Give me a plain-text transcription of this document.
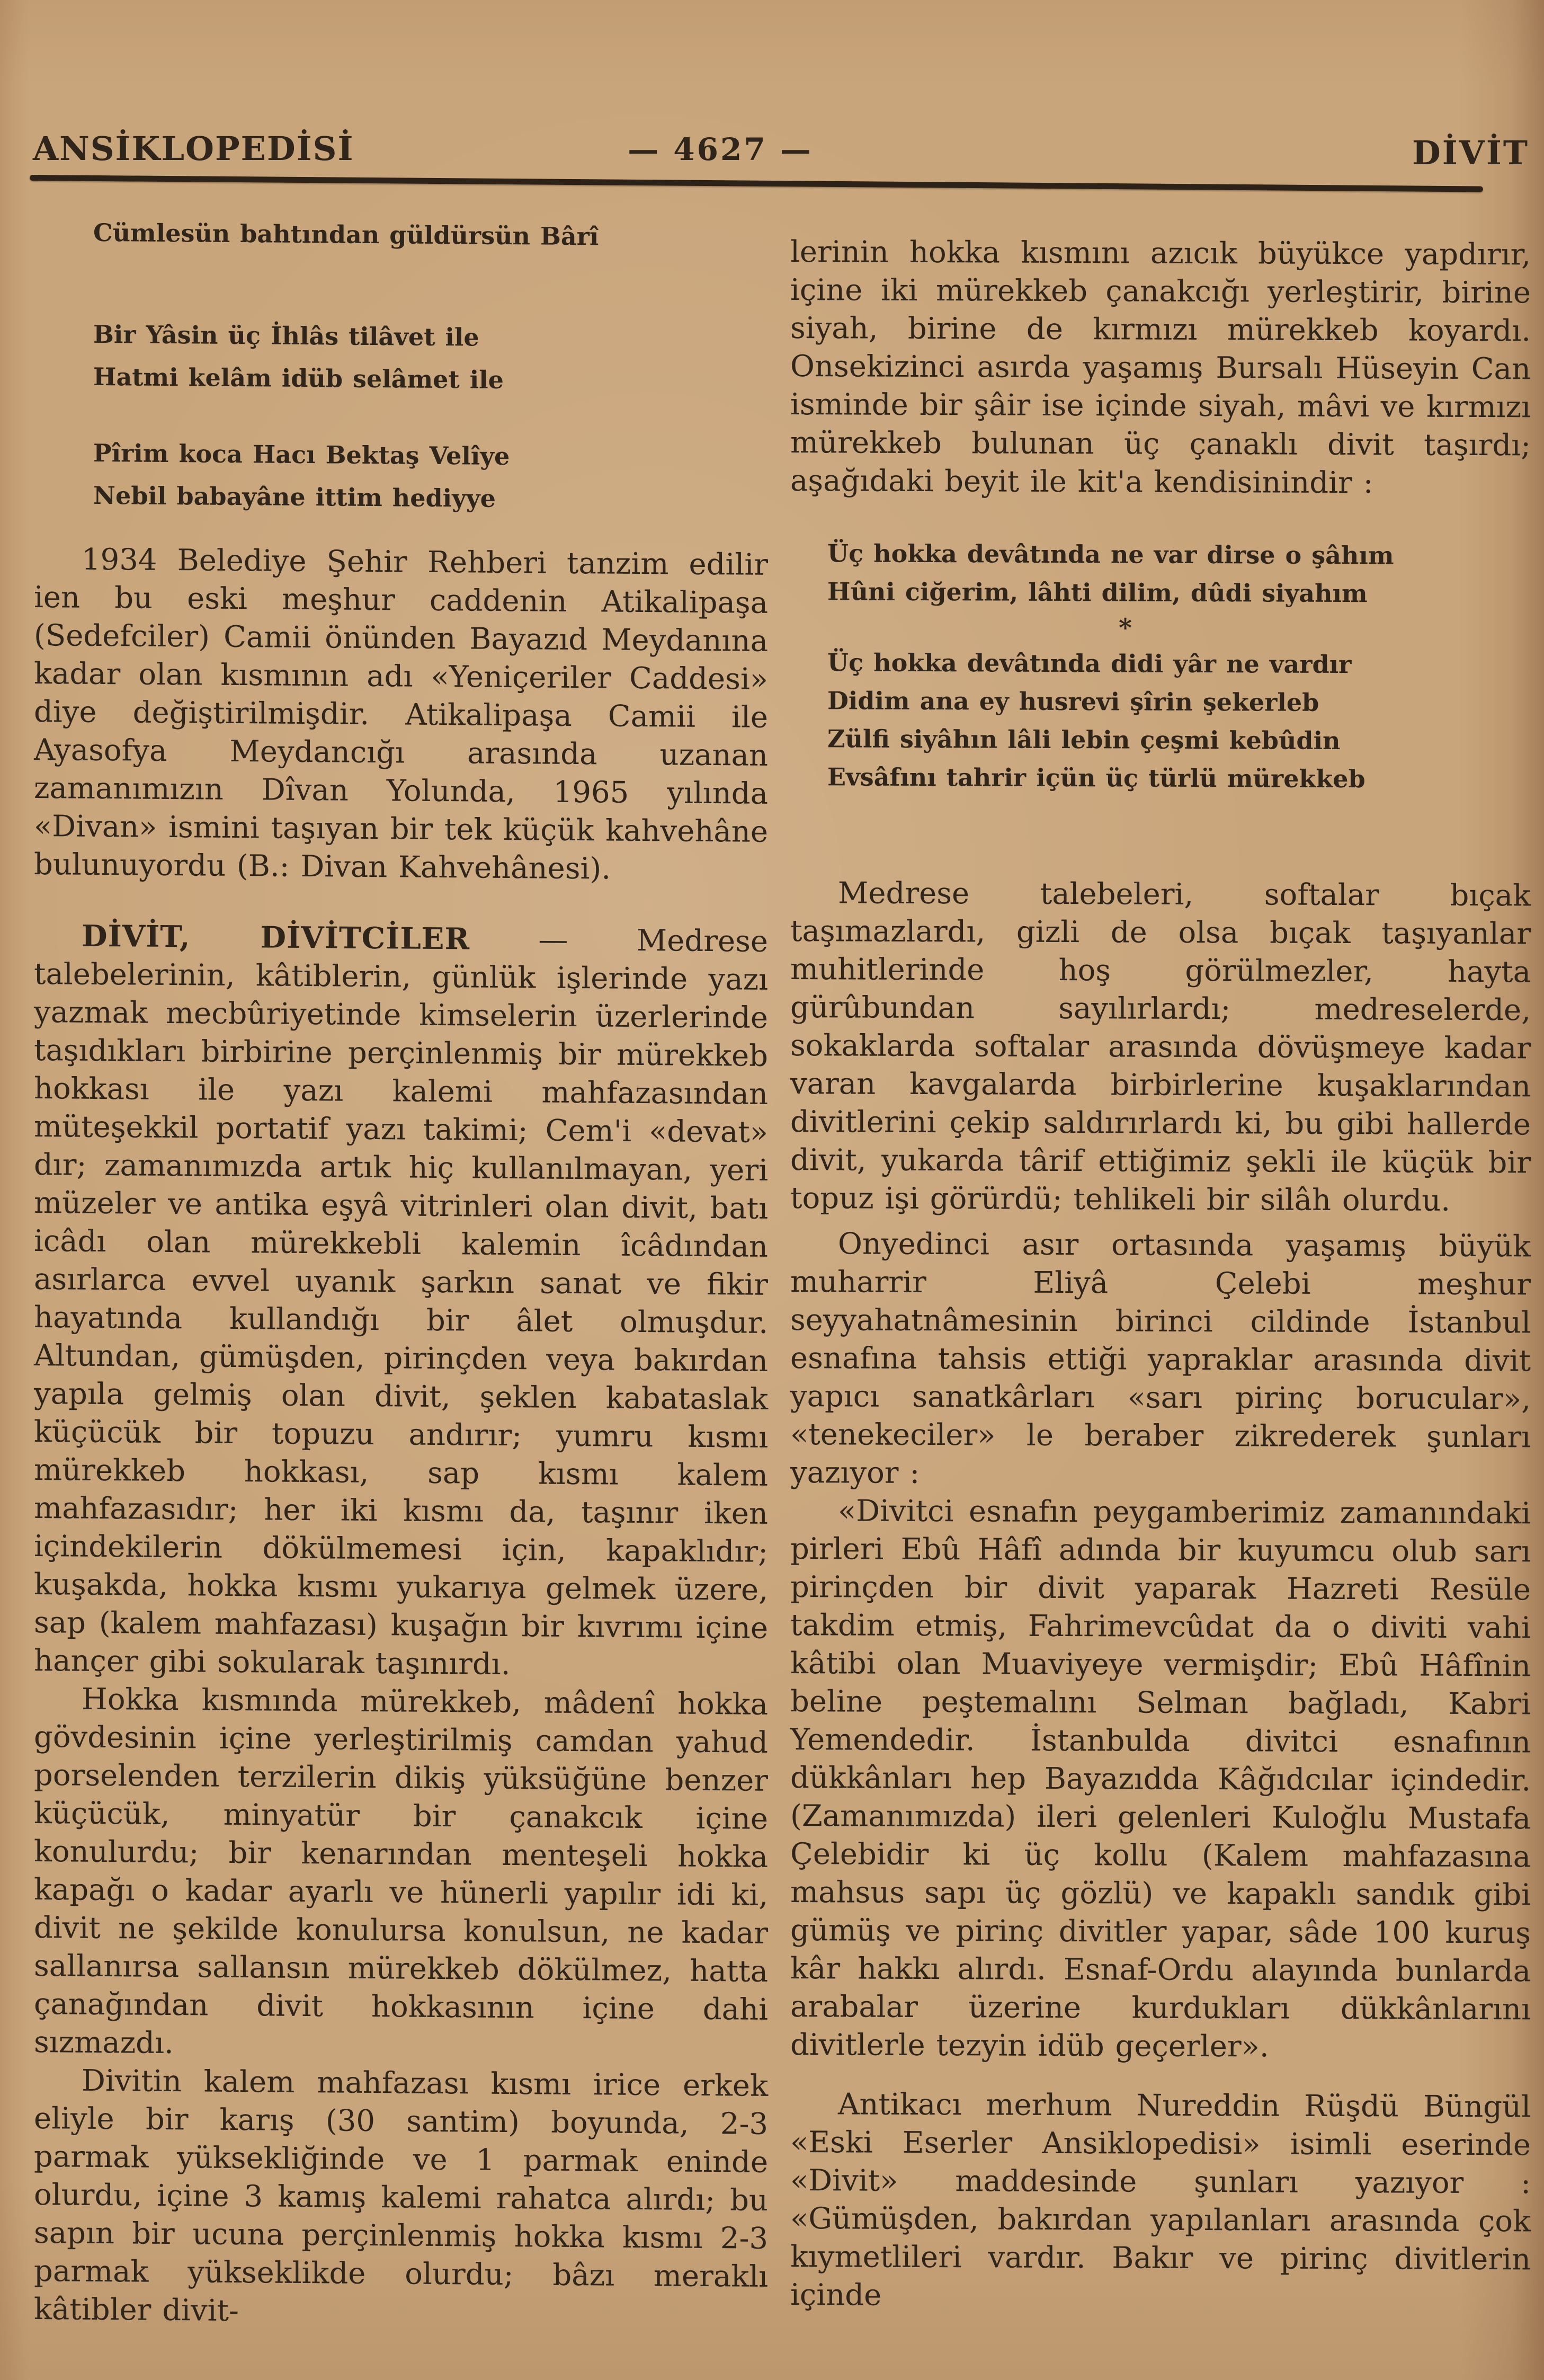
ANSİKLOPEDİSİ	— 4627 —	DİVİT
Cümlesün bahtından güldürsün Bârî
Bir Yâsin üç İhlâs tilâvet ile
Hatmi kelâm idüb selâmet ile
Pîrim koca Hacı Bektaş Velîye
Nebil babayâne ittim hediyye

1934 Belediye Şehir Rehberi tanzim edilir ien bu eski meşhur caddenin Atikalipaşa (Sedefciler) Camii önünden Bayazıd Meydanına kadar olan kısmının adı «Yeniçeriler Caddesi» diye değiştirilmişdir. Atikalipaşa Camii ile Ayasofya Meydancığı arasında uzanan zamanımızın Dîvan Yolunda, 1965 yılında «Divan» ismini taşıyan bir tek küçük kahvehâne bulunuyordu (B.: Divan Kahvehânesi).

DİVİT, DİVİTCİLER — Medrese talebelerinin, kâtiblerin, günlük işlerinde yazı yazmak mecbûriyetinde kimselerin üzerlerinde taşıdıkları birbirine perçinlenmiş bir mürekkeb hokkası ile yazı kalemi mahfazasından müteşekkil portatif yazı takimi; Cem'i «devat» dır; zamanımızda artık hiç kullanılmayan, yeri müzeler ve antika eşyâ vitrinleri olan divit, batı icâdı olan mürekkebli kalemin îcâdından asırlarca evvel uyanık şarkın sanat ve fikir hayatında kullandığı bir âlet olmuşdur. Altundan, gümüşden, pirinçden veya bakırdan yapıla gelmiş olan divit, şeklen kabataslak küçücük bir topuzu andırır; yumru kısmı mürekkeb hokkası, sap kısmı kalem mahfazasıdır; her iki kısmı da, taşınır iken içindekilerin dökülmemesi için, kapaklıdır; kuşakda, hokka kısmı yukarıya gelmek üzere, sap (kalem mahfazası) kuşağın bir kıvrımı içine hançer gibi sokularak taşınırdı.

Hokka kısmında mürekkeb, mâdenî hokka gövdesinin içine yerleştirilmiş camdan yahud porselenden terzilerin dikiş yüksüğüne benzer küçücük, minyatür bir çanakcık içine konulurdu; bir kenarından menteşeli hokka kapağı o kadar ayarlı ve hünerli yapılır idi ki, divit ne şekilde konulursa konulsun, ne kadar sallanırsa sallansın mürekkeb dökülmez, hatta çanağından divit hokkasının içine dahi sızmazdı.

Divitin kalem mahfazası kısmı irice erkek eliyle bir karış (30 santim) boyunda, 2-3 parmak yüksekliğinde ve 1 parmak eninde olurdu, içine 3 kamış kalemi rahatca alırdı; bu sapın bir ucuna perçinlenmiş hokka kısmı 2-3 parmak yükseklikde olurdu; bâzı meraklı kâtibler divit-

lerinin hokka kısmını azıcık büyükce yapdırır, içine iki mürekkeb çanakcığı yerleştirir, birine siyah, birine de kırmızı mürekkeb koyardı. Onsekizinci asırda yaşamış Bursalı Hüseyin Can isminde bir şâir ise içinde siyah, mâvi ve kırmızı mürekkeb bulunan üç çanaklı divit taşırdı; aşağıdaki beyit ile kit'a kendisinindir :

Üç hokka devâtında ne var dirse o şâhım
Hûni ciğerim, lâhti dilim, dûdi siyahım
*
Üç hokka devâtında didi yâr ne vardır
Didim ana ey husrevi şîrin şekerleb
Zülfi siyâhın lâli lebin çeşmi kebûdin
Evsâfını tahrir içün üç türlü mürekkeb

Medrese talebeleri, softalar bıçak taşımazlardı, gizli de olsa bıçak taşıyanlar muhitlerinde hoş görülmezler, hayta gürûbundan sayılırlardı; medreselerde, sokaklarda softalar arasında dövüşmeye kadar varan kavgalarda birbirlerine kuşaklarından divitlerini çekip saldırırlardı ki, bu gibi hallerde divit, yukarda târif ettiğimiz şekli ile küçük bir topuz işi görürdü; tehlikeli bir silâh olurdu.

Onyedinci asır ortasında yaşamış büyük muharrir Eliyâ Çelebi meşhur seyyahatnâmesinin birinci cildinde İstanbul esnafına tahsis ettiği yapraklar arasında divit yapıcı sanatkârları «sarı pirinç borucular», «tenekeciler» le beraber zikrederek şunları yazıyor :

«Divitci esnafın peygamberimiz zamanındaki pirleri Ebû Hâfî adında bir kuyumcu olub sarı pirinçden bir divit yaparak Hazreti Resüle takdim etmiş, Fahrimevcûdat da o diviti vahi kâtibi olan Muaviyeye vermişdir; Ebû Hâfînin beline peştemalını Selman bağladı, Kabri Yemendedir. İstanbulda divitci esnafının dükkânları hep Bayazıdda Kâğıdcılar içindedir. (Zamanımızda) ileri gelenleri Kuloğlu Mustafa Çelebidir ki üç kollu (Kalem mahfazasına mahsus sapı üç gözlü) ve kapaklı sandık gibi gümüş ve pirinç divitler yapar, sâde 100 kuruş kâr hakkı alırdı. Esnaf-Ordu alayında bunlarda arabalar üzerine kurdukları dükkânlarını divitlerle tezyin idüb geçerler».

Antikacı merhum Nureddin Rüşdü Büngül «Eski Eserler Ansiklopedisi» isimli eserinde «Divit» maddesinde şunları yazıyor : «Gümüşden, bakırdan yapılanları arasında çok kıymetlileri vardır. Bakır ve pirinç divitlerin içinde
